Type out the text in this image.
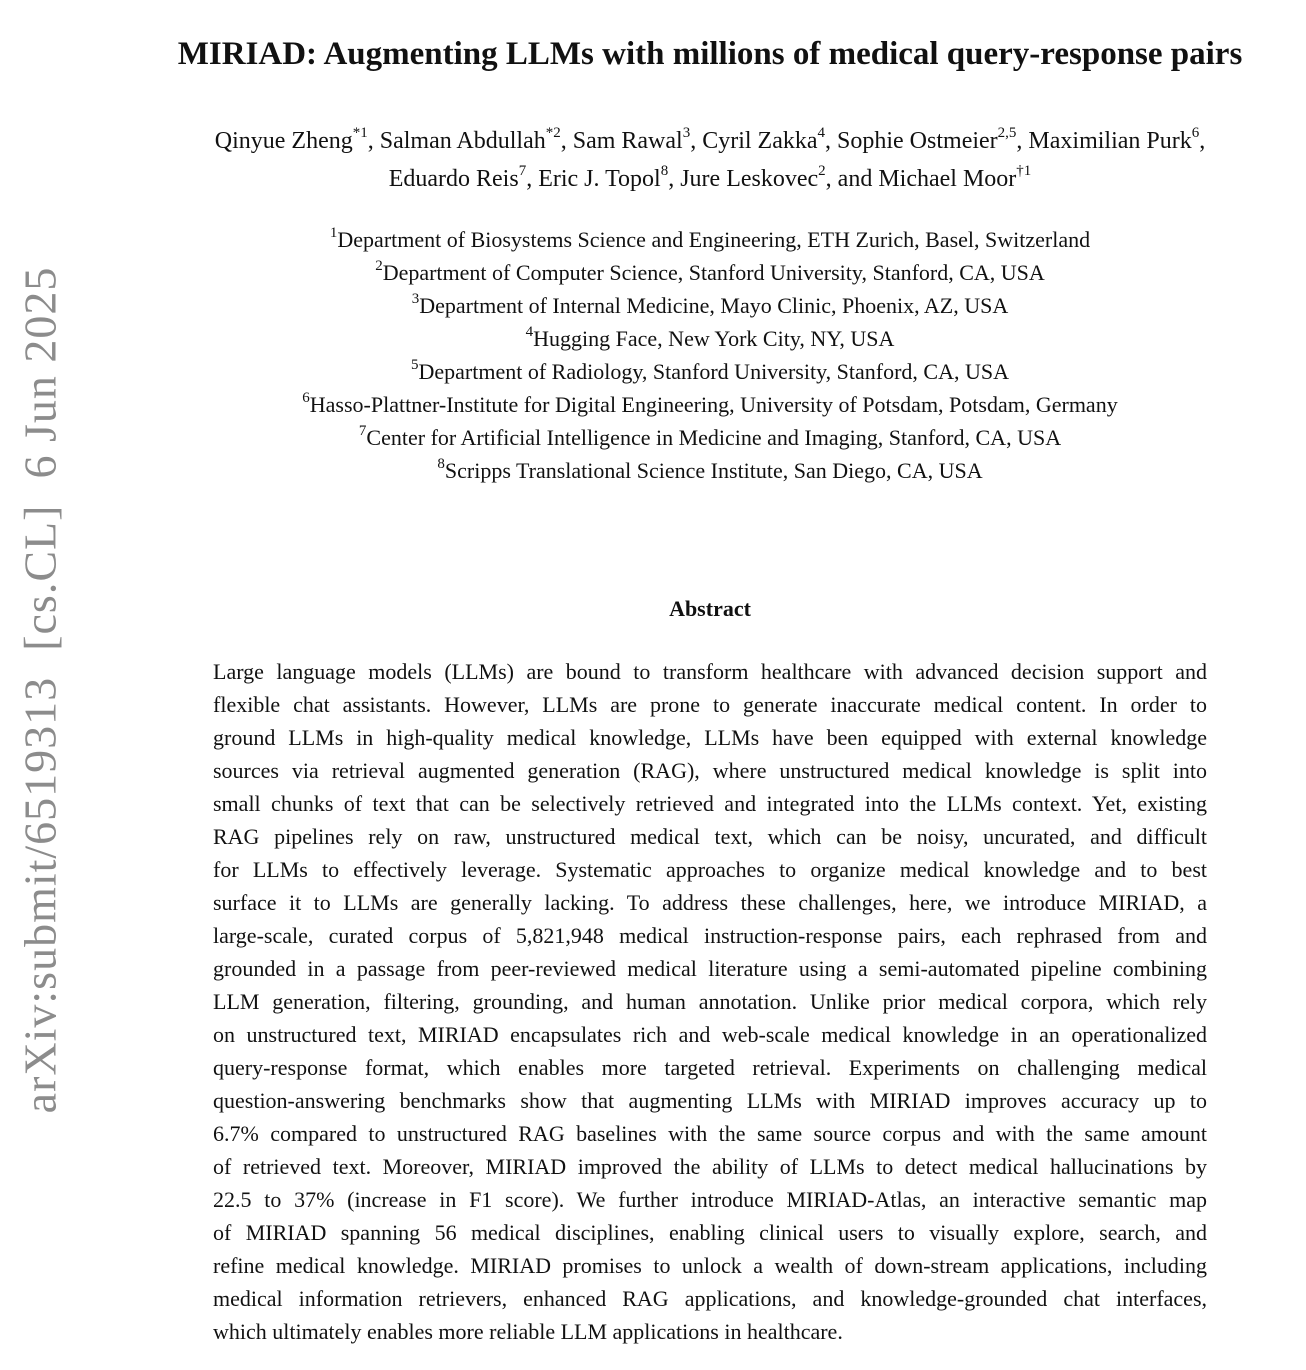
arXiv:submit/6519313[cs.CL]6 Jun 2025
MIRIAD: Augmenting LLMs with millions of medical query-response pairs
Qinyue Zheng$^{*1}$, Salman Abdullah$^{*2}$, Sam Rawal$^3$, Cyril Zakka$^4$, Sophie Ostmeier$^{2,5}$, Maximilian Purk$^6$,
Eduardo Reis$^7$, Eric J. Topol$^8$, Jure Leskovec$^2$, and Michael Moor$^{\dagger 1}$
$^1$Department of Biosystems Science and Engineering, ETH Zurich, Basel, Switzerland
$^2$Department of Computer Science, Stanford University, Stanford, CA, USA
$^3$Department of Internal Medicine, Mayo Clinic, Phoenix, AZ, USA
$^4$Hugging Face, New York City, NY, USA
$^5$Department of Radiology, Stanford University, Stanford, CA, USA
$^6$Hasso-Plattner-Institute for Digital Engineering, University of Potsdam, Potsdam, Germany
$^7$Center for Artificial Intelligence in Medicine and Imaging, Stanford, CA, USA
$^8$Scripps Translational Science Institute, San Diego, CA, USA
Abstract
Large language models (LLMs) are bound to transform healthcare with advanced decision support and
flexible chat assistants. However, LLMs are prone to generate inaccurate medical content. In order to
ground LLMs in high-quality medical knowledge, LLMs have been equipped with external knowledge
sources via retrieval augmented generation (RAG), where unstructured medical knowledge is split into
small chunks of text that can be selectively retrieved and integrated into the LLMs context. Yet, existing
RAG pipelines rely on raw, unstructured medical text, which can be noisy, uncurated, and difficult
for LLMs to effectively leverage. Systematic approaches to organize medical knowledge and to best
surface it to LLMs are generally lacking. To address these challenges, here, we introduce MIRIAD, a
large-scale, curated corpus of 5,821,948 medical instruction-response pairs, each rephrased from and
grounded in a passage from peer-reviewed medical literature using a semi-automated pipeline combining
LLM generation, filtering, grounding, and human annotation. Unlike prior medical corpora, which rely
on unstructured text, MIRIAD encapsulates rich and web-scale medical knowledge in an operationalized
query-response format, which enables more targeted retrieval. Experiments on challenging medical
question-answering benchmarks show that augmenting LLMs with MIRIAD improves accuracy up to
6.7% compared to unstructured RAG baselines with the same source corpus and with the same amount
of retrieved text. Moreover, MIRIAD improved the ability of LLMs to detect medical hallucinations by
22.5 to 37% (increase in F1 score). We further introduce MIRIAD-Atlas, an interactive semantic map
of MIRIAD spanning 56 medical disciplines, enabling clinical users to visually explore, search, and
refine medical knowledge. MIRIAD promises to unlock a wealth of down-stream applications, including
medical information retrievers, enhanced RAG applications, and knowledge-grounded chat interfaces,
which ultimately enables more reliable LLM applications in healthcare.
